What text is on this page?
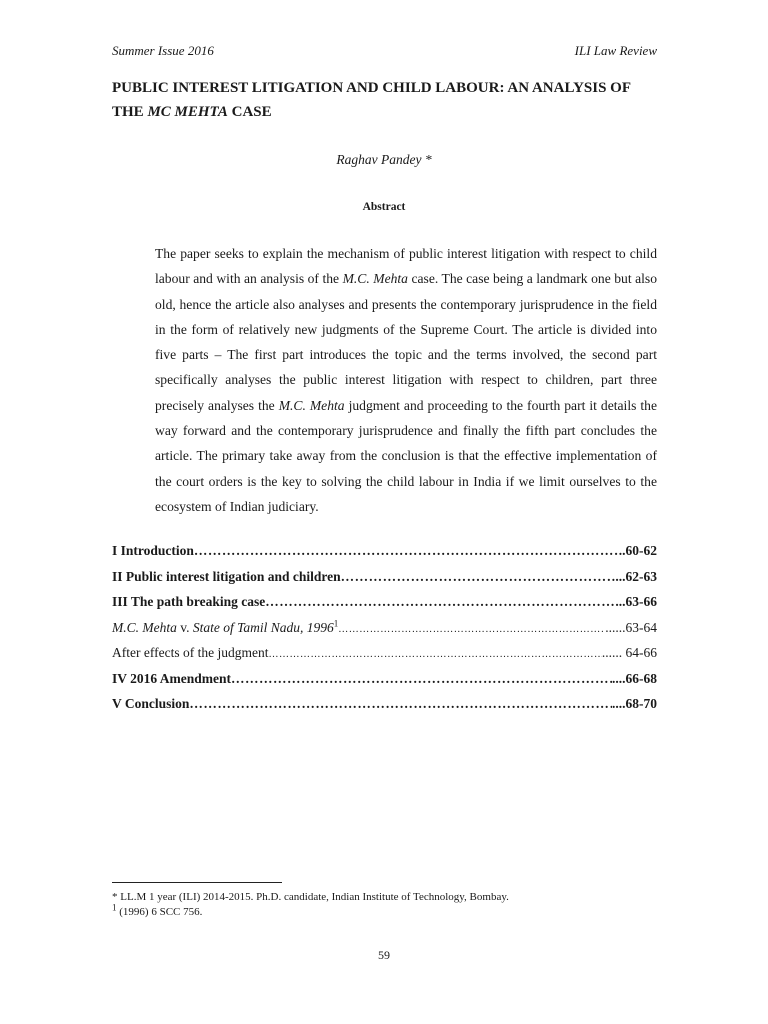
Summer Issue 2016	ILI Law Review
PUBLIC INTEREST LITIGATION AND CHILD LABOUR: AN ANALYSIS OF THE MC MEHTA CASE
Raghav Pandey *
Abstract

The paper seeks to explain the mechanism of public interest litigation with respect to child labour and with an analysis of the M.C. Mehta case. The case being a landmark one but also old, hence the article also analyses and presents the contemporary jurisprudence in the field in the form of relatively new judgments of the Supreme Court. The article is divided into five parts – The first part introduces the topic and the terms involved, the second part specifically analyses the public interest litigation with respect to children, part three precisely analyses the M.C. Mehta judgment and proceeding to the fourth part it details the way forward and the contemporary jurisprudence and finally the fifth part concludes the article. The primary take away from the conclusion is that the effective implementation of the court orders is the key to solving the child labour in India if we limit ourselves to the ecosystem of Indian judiciary.

I Introduction ……………………………………………………………………………………………………………………………	..60-62
II Public interest litigation and children ……………………………………………………………………………………………………………………………	...62-63
III The path breaking case ……………………………………………………………………………………………………………………………	...63-66
M.C. Mehta v. State of Tamil Nadu, 1996$^1$ ……………………………………………………………………………………………………………………………	......63-64
After effects of the judgment ……………………………………………………………………………………………………………………………	...... 64-66
IV 2016 Amendment ……………………………………………………………………………………………………………………………	....66-68
V Conclusion ……………………………………………………………………………………………………………………………	....68-70
* LL.M 1 year (ILI) 2014-2015. Ph.D. candidate, Indian Institute of Technology, Bombay.
$^1$ (1996) 6 SCC 756.
59
